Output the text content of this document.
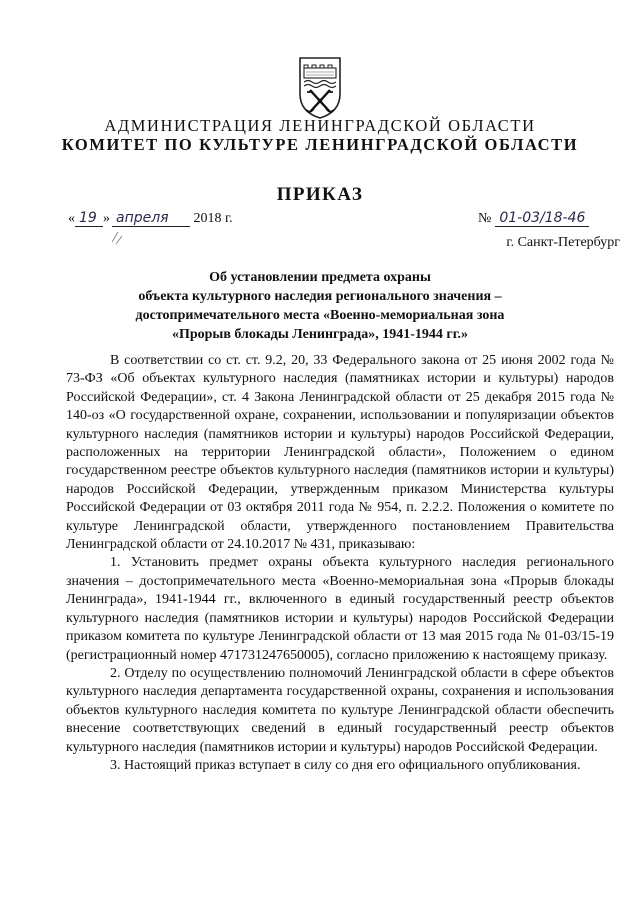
АДМИНИСТРАЦИЯ ЛЕНИНГРАДСКОЙ ОБЛАСТИ
КОМИТЕТ ПО КУЛЬТУРЕ ЛЕНИНГРАДСКОЙ ОБЛАСТИ
ПРИКАЗ
« 19 » апреля 2018 г.	№ 01-03/18-46
г. Санкт-Петербург
Об установлении предмета охраны
объекта культурного наследия регионального значения –
достопримечательного места «Военно-мемориальная зона
«Прорыв блокады Ленинграда», 1941-1944 гг.»

В соответствии со ст. ст. 9.2, 20, 33 Федерального закона от 25 июня 2002 года № 73-ФЗ «Об объектах культурного наследия (памятниках истории и культуры) народов Российской Федерации», ст. 4 Закона Ленинградской области от 25 декабря 2015 года № 140-оз «О государственной охране, сохранении, использовании и популяризации объектов культурного наследия (памятников истории и культуры) народов Российской Федерации, расположенных на территории Ленинградской области», Положением о едином государственном реестре объектов культурного наследия (памятников истории и культуры) народов Российской Федерации, утвержденным приказом Министерства культуры Российской Федерации от 03 октября 2011 года № 954, п. 2.2.2. Положения о комитете по культуре Ленинградской области, утвержденного постановлением Правительства Ленинградской области от 24.10.2017 № 431, приказываю:

1. Установить предмет охраны объекта культурного наследия регионального значения – достопримечательного места «Военно-мемориальная зона «Прорыв блокады Ленинграда», 1941-1944 гг., включенного в единый государственный реестр объектов культурного наследия (памятников истории и культуры) народов Российской Федерации приказом комитета по культуре Ленинградской области от 13 мая 2015 года № 01-03/15-19 (регистрационный номер 471731247650005), согласно приложению к настоящему приказу.

2. Отделу по осуществлению полномочий Ленинградской области в сфере объектов культурного наследия департамента государственной охраны, сохранения и использования объектов культурного наследия комитета по культуре Ленинградской области обеспечить внесение соответствующих сведений в единый государственный реестр объектов культурного наследия (памятников истории и культуры) народов Российской Федерации.

3. Настоящий приказ вступает в силу со дня его официального опубликования.
